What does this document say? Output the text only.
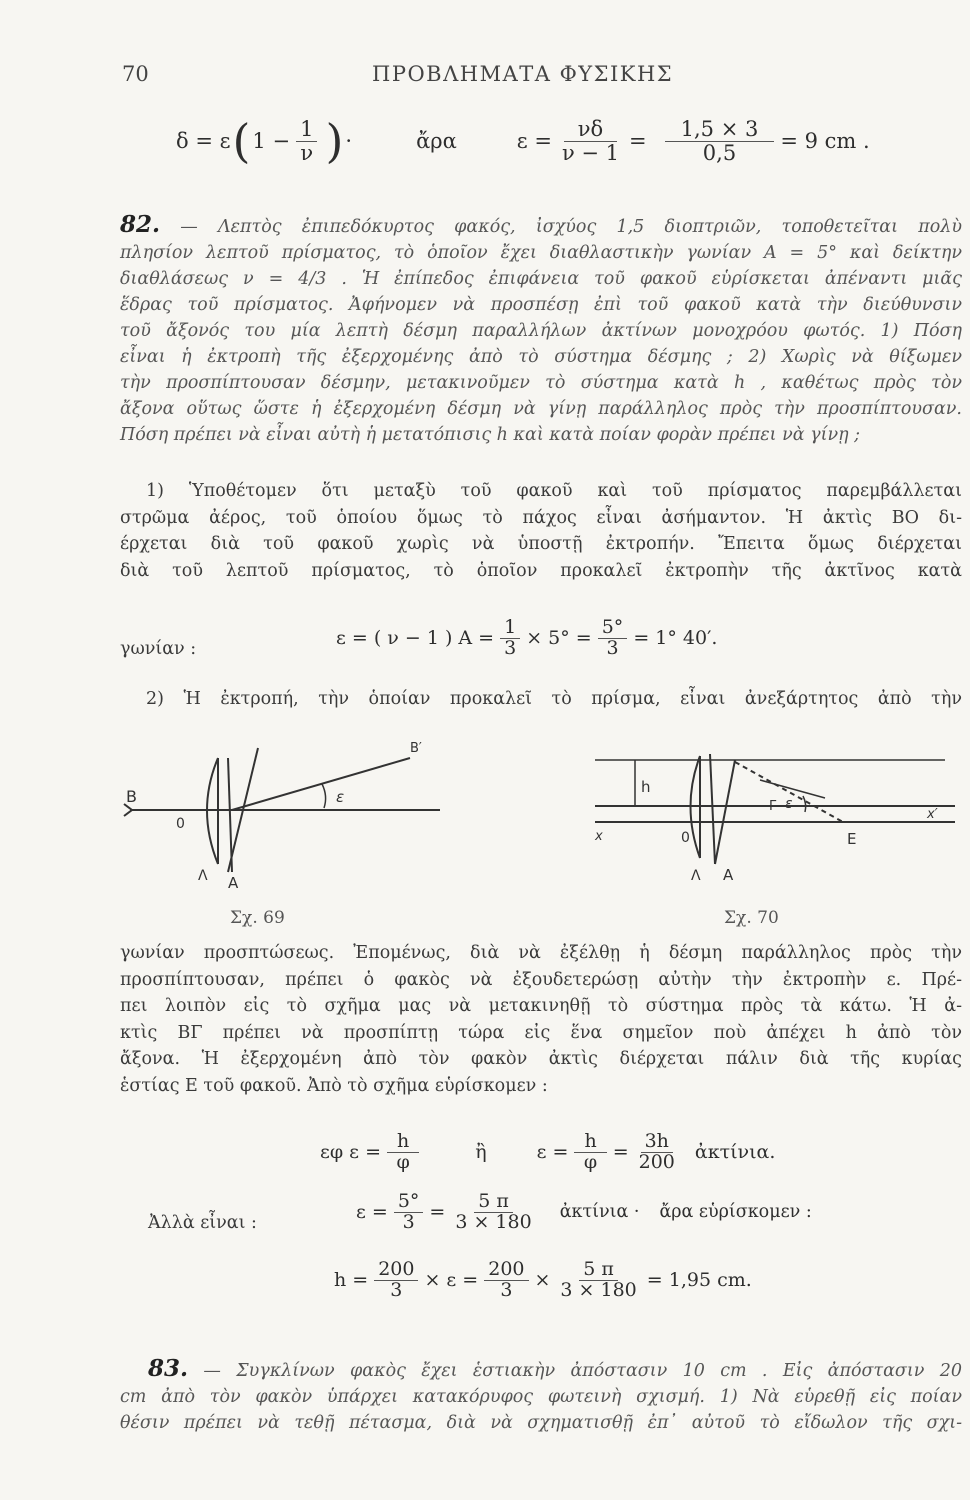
70	ΠΡΟΒΛΗΜΑΤΑ ΦΥΣΙΚΗΣ
δ = ε ( $1 - \frac{1}{\nu}$ ) ·	ἄρα	$\varepsilon = \frac{\nu\delta}{\nu - 1} = \frac{1,5 \times 3}{0,5} = 9$ cm .
82. — Λεπτὸς ἐπιπεδόκυρτος φακός, ἰσχύος 1,5 διοπτριῶν, τοποθετεῖται πολὺ
πλησίον λεπτοῦ πρίσματος, τὸ ὁποῖον ἔχει διαθλαστικὴν γωνίαν Α = 5° καὶ δείκτην
διαθλάσεως ν = 4/3 . Ἡ ἐπίπεδος ἐπιφάνεια τοῦ φακοῦ εὑρίσκεται ἀπέναντι μιᾶς
ἕδρας τοῦ πρίσματος. Ἀφήνομεν νὰ προσπέσῃ ἐπὶ τοῦ φακοῦ κατὰ τὴν διεύθυνσιν
τοῦ ἄξονός του μία λεπτὴ δέσμη παραλλήλων ἀκτίνων μονοχρόου φωτός. 1) Πόση
εἶναι ἡ ἐκτροπὴ τῆς ἐξερχομένης ἀπὸ τὸ σύστημα δέσμης ; 2) Χωρὶς νὰ θίξωμεν
τὴν προσπίπτουσαν δέσμην, μετακινοῦμεν τὸ σύστημα κατὰ h , καθέτως πρὸς τὸν
ἄξονα οὕτως ὥστε ἡ ἐξερχομένη δέσμη νὰ γίνῃ παράλληλος πρὸς τὴν προσπίπτουσαν.
Πόση πρέπει νὰ εἶναι αὐτὴ ἡ μετατόπισις h καὶ κατὰ ποίαν φορὰν πρέπει νὰ γίνῃ ;
1) Ὑποθέτομεν ὅτι μεταξὺ τοῦ φακοῦ καὶ τοῦ πρίσματος παρεμβάλλεται
στρῶμα ἀέρος, τοῦ ὁποίου ὅμως τὸ πάχος εἶναι ἀσήμαντον. Ἡ ἀκτὶς ΒΟ δι-
έρχεται διὰ τοῦ φακοῦ χωρὶς νὰ ὑποστῇ ἐκτροπήν. Ἔπειτα ὅμως διέρχεται
διὰ τοῦ λεπτοῦ πρίσματος, τὸ ὁποῖον προκαλεῖ ἐκτροπὴν τῆς ἀκτῖνος κατὰ
γωνίαν :	ε = ( ν − 1 ) $A = \frac{1}{3} \times 5^\circ = \frac{5^\circ}{3} = 1^\circ$ 40′.
2) Ἡ ἐκτροπή, τὴν ὁποίαν προκαλεῖ τὸ πρίσμα, εἶναι ἀνεξάρτητος ἀπὸ τὴν
B
B′
0
ε
Λ A
h
x
x′
0
ε
Γ
E
Λ A
Σχ. 69	Σχ. 70
γωνίαν προσπτώσεως. Ἐπομένως, διὰ νὰ ἐξέλθῃ ἡ δέσμη παράλληλος πρὸς τὴν
προσπίπτουσαν, πρέπει ὁ φακὸς νὰ ἐξουδετερώσῃ αὐτὴν τὴν ἐκτροπὴν ε. Πρέ-
πει λοιπὸν εἰς τὸ σχῆμα μας νὰ μετακινηθῇ τὸ σύστημα πρὸς τὰ κάτω. Ἡ ἀ-
κτὶς ΒΓ πρέπει νὰ προσπίπτῃ τώρα εἰς ἕνα σημεῖον ποὺ ἀπέχει h ἀπὸ τὸν
ἄξονα. Ἡ ἐξερχομένη ἀπὸ τὸν φακὸν ἀκτὶς διέρχεται πάλιν διὰ τῆς κυρίας
ἑστίας Ε τοῦ φακοῦ. Ἀπὸ τὸ σχῆμα εὑρίσκομεν :
εφ $\varepsilon = \frac{h}{\varphi}$	ἢ	$\varepsilon = \frac{h}{\varphi} = \frac{3h}{200}$ ἀκτίνια.
Ἀλλὰ εἶναι :	$\varepsilon = \frac{5^\circ}{3} = \frac{5 \pi}{3 \times 180}$ ἀκτίνια · ἄρα εὑρίσκομεν :
$h = \frac{200}{3} \times \varepsilon = \frac{200}{3} \times \frac{5 \pi}{3 \times 180} = 1,95$ cm.
83. — Συγκλίνων φακὸς ἔχει ἑστιακὴν ἀπόστασιν 10 cm . Εἰς ἀπόστασιν 20
cm ἀπὸ τὸν φακὸν ὑπάρχει κατακόρυφος φωτεινὴ σχισμή. 1) Νὰ εὑρεθῇ εἰς ποίαν
θέσιν πρέπει νὰ τεθῇ πέτασμα, διὰ νὰ σχηματισθῇ ἐπ᾿ αὐτοῦ τὸ εἴδωλον τῆς σχι-
